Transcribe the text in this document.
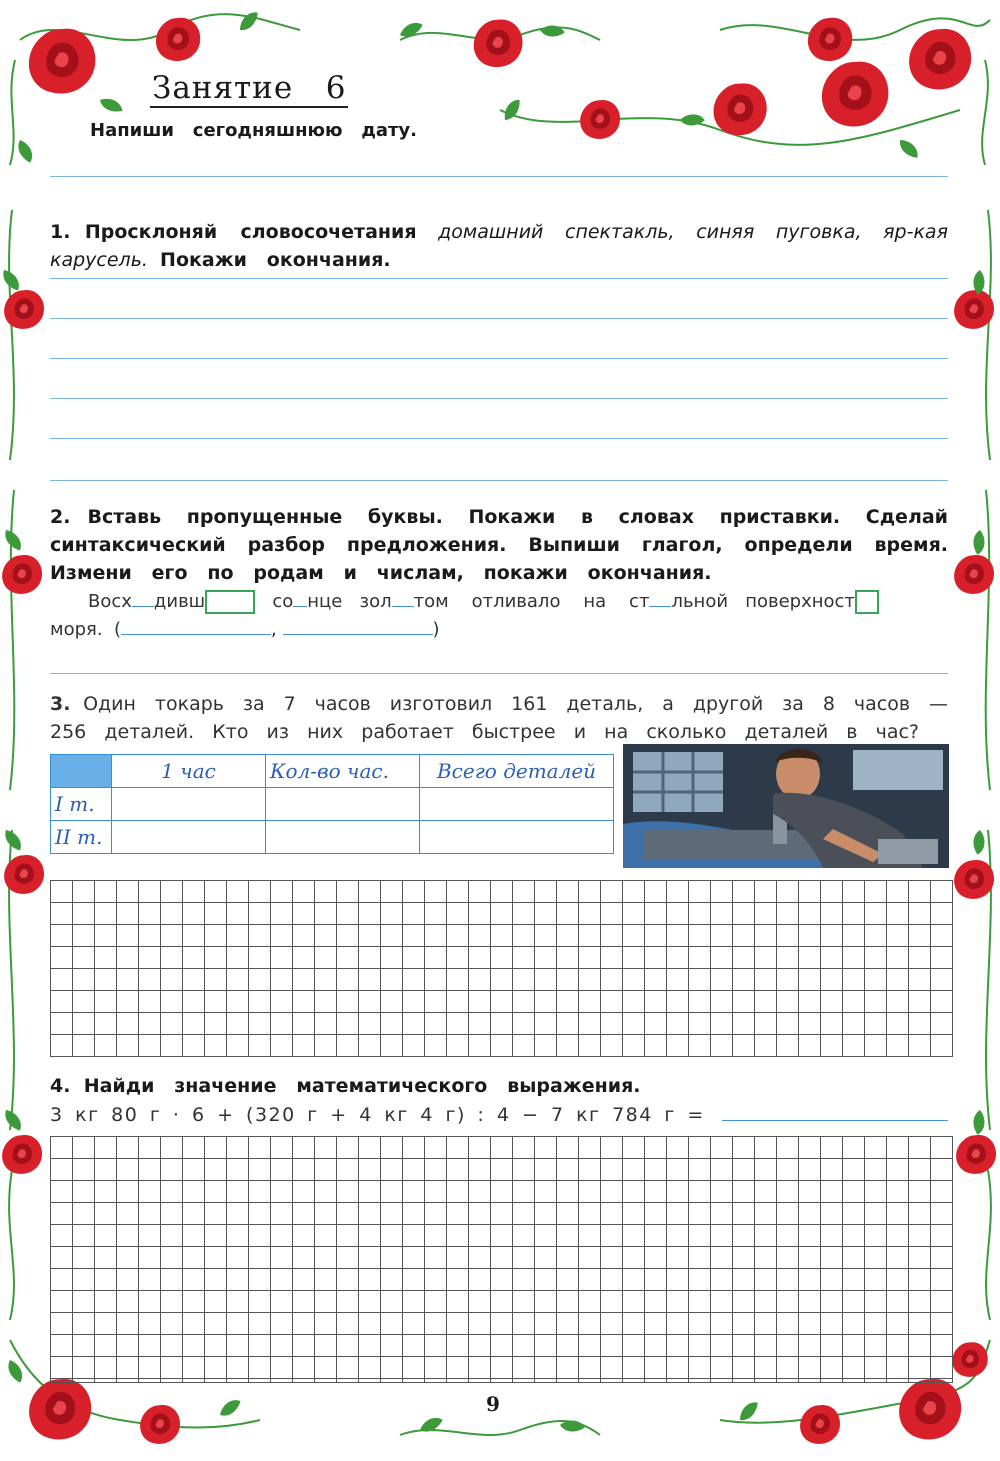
Занятие   6
Напиши   сегодняшнюю   дату.

1. Просклоняй   словосочетания домашний   спектакль,   синяя   пуговка,   яр-кая   карусель. Покажи   окончания.

2. Вставь   пропущенные   буквы.   Покажи   в   словах   приставки.   Сделай   синтаксический   разбор   предложения.   Выпиши   глагол,   определи   время.   Измени   его   по   родам   и   числам,   покажи   окончания.
Восх дивш	со нце зол том отливало на ст льной поверхност
моря.  (	,	)
3. Один   токарь   за   7   часов   изготовил   161   деталь,   а   другой   за   8   часов   —   256   деталей.   Кто   из   них   работает   быстрее   и   на   сколько   деталей   в   час?
	1 час	Кол-во час.	Всего деталей
I т.			
II т.			
4. Найди   значение   математического   выражения.
3 кг 80 г · 6 + (320 г + 4 кг 4 г) : 4 − 7 кг 784 г =
9
